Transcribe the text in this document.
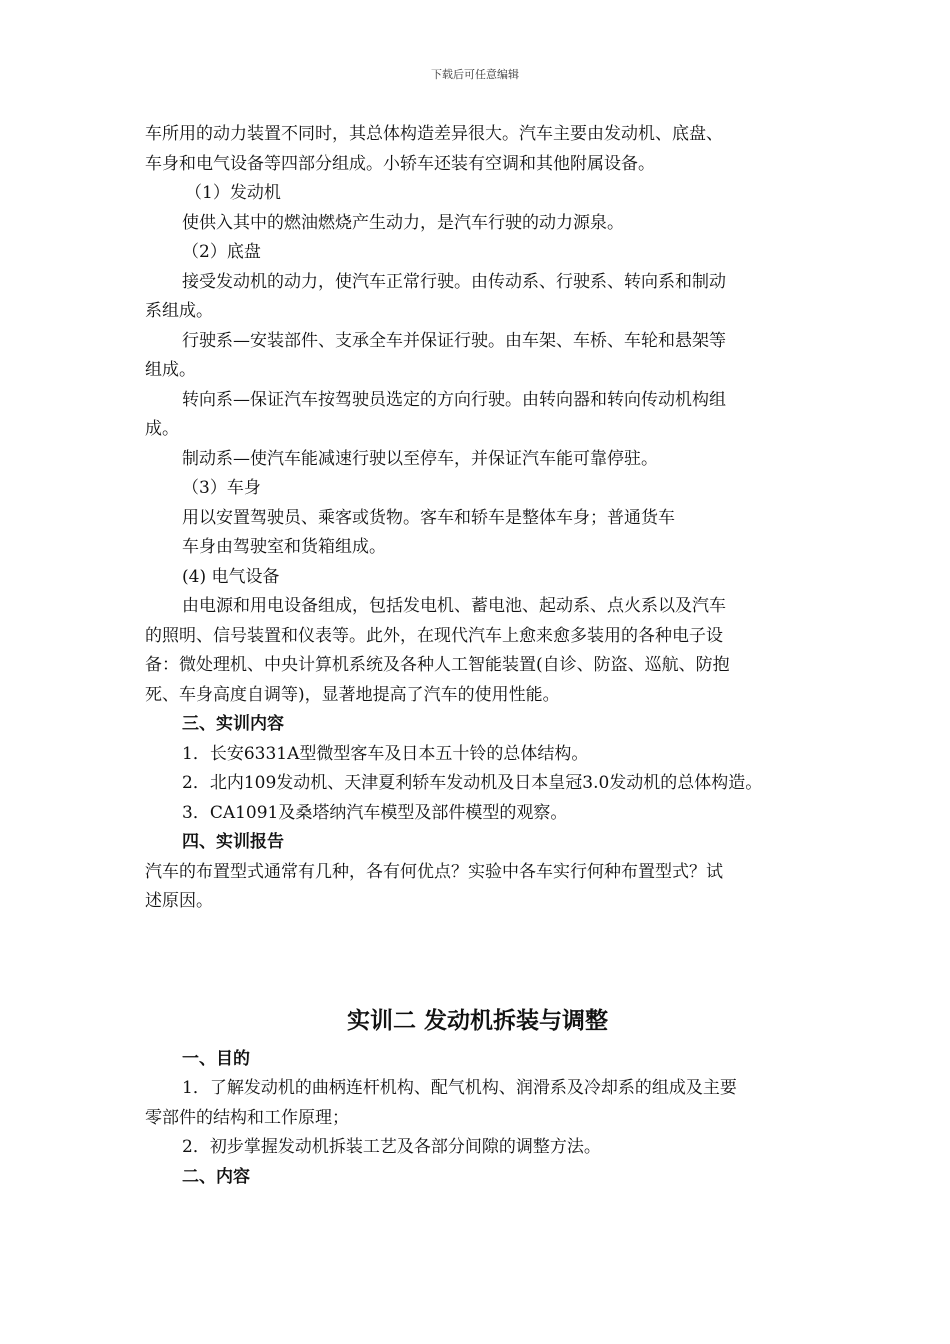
下载后可任意编辑
车所用的动力装置不同时，其总体构造差异很大。汽车主要由发动机、底盘、
车身和电气设备等四部分组成。小轿车还装有空调和其他附属设备。
（1）发动机
使供入其中的燃油燃烧产生动力，是汽车行驶的动力源泉。
（2）底盘
接受发动机的动力，使汽车正常行驶。由传动系、行驶系、转向系和制动
系组成。
行驶系—安装部件、支承全车并保证行驶。由车架、车桥、车轮和悬架等
组成。
转向系—保证汽车按驾驶员选定的方向行驶。由转向器和转向传动机构组
成。
制动系—使汽车能减速行驶以至停车，并保证汽车能可靠停驻。
（3）车身
用以安置驾驶员、乘客或货物。客车和轿车是整体车身；普通货车
车身由驾驶室和货箱组成。
(4) 电气设备
由电源和用电设备组成，包括发电机、蓄电池、起动系、点火系以及汽车
的照明、信号装置和仪表等。此外，在现代汽车上愈来愈多装用的各种电子设
备：微处理机、中央计算机系统及各种人工智能装置(自诊、防盗、巡航、防抱
死、车身高度自调等)，显著地提高了汽车的使用性能。
三、实训内容
1．长安6331A型微型客车及日本五十铃的总体结构。
2．北内109发动机、天津夏利轿车发动机及日本皇冠3.0发动机的总体构造。
3．CA1091及桑塔纳汽车模型及部件模型的观察。
四、实训报告
汽车的布置型式通常有几种，各有何优点？实验中各车实行何种布置型式？试
述原因。
实训二 发动机拆装与调整
一、目的
1．了解发动机的曲柄连杆机构、配气机构、润滑系及冷却系的组成及主要
零部件的结构和工作原理；
2．初步掌握发动机拆装工艺及各部分间隙的调整方法。
二、内容
